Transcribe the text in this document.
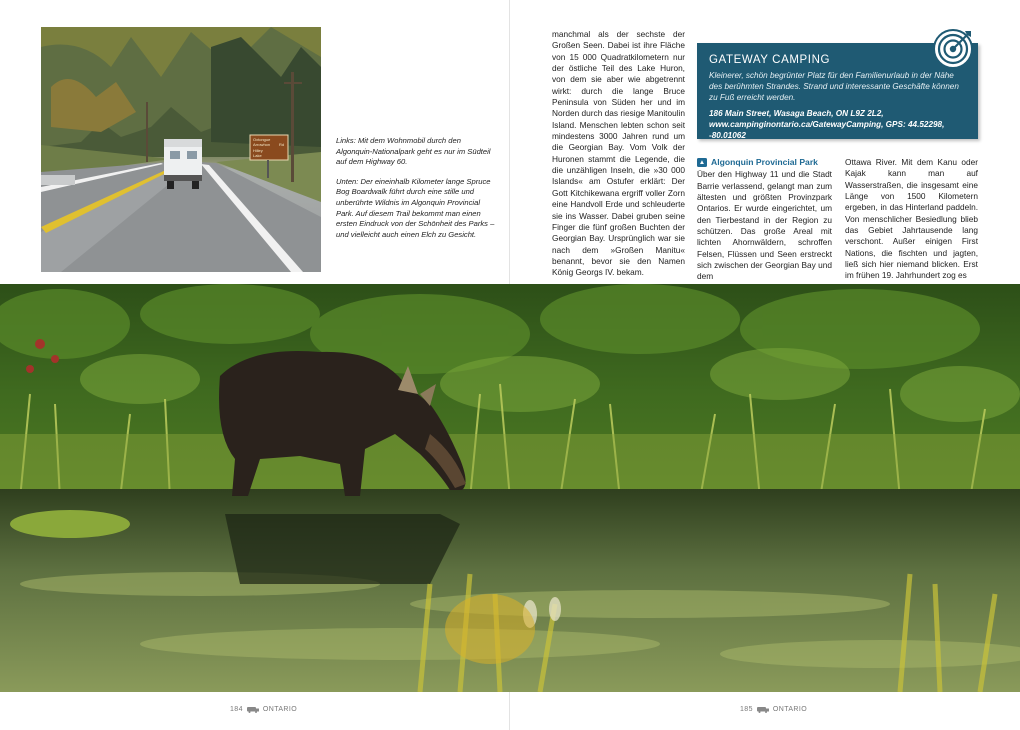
Oxtongue
Arrowhon Rd
Hilley
Lake

Links: Mit dem Wohnmobil durch den Algonquin-Nationalpark geht es nur im Südteil auf dem Highway 60.

Unten: Der eineinhalb Kilometer lange Spruce Bog Boardwalk führt durch eine stille und unberührte Wildnis im Algonquin Provincial Park. Auf diesem Trail bekommt man einen ersten Eindruck von der Schönheit des Parks – und vielleicht auch einen Elch zu Gesicht.

manchmal als der sechste der Großen Seen. Dabei ist ihre Fläche von 15 000 Quadratkilometern nur der östliche Teil des Lake Huron, von dem sie aber wie abgetrennt wirkt: durch die lange Bruce Peninsula von Süden her und im Norden durch das riesige Manitoulin Island. Menschen lebten schon seit mindestens 3000 Jahren rund um die Georgian Bay. Vom Volk der Huronen stammt die Legende, die die unzähligen Inseln, die »30 000 Islands« am Ostufer erklärt: Der Gott Kitchikewana ergriff voller Zorn eine Handvoll Erde und schleuderte sie ins Wasser. Dabei gruben seine Finger die fünf großen Buchten der Georgian Bay. Ursprünglich war sie nach dem »Großen Manitu« benannt, bevor sie den Namen König Georgs IV. bekam.

GATEWAY CAMPING
Kleinerer, schön begrünter Platz für den Familienurlaub in der Nähe des berühmten Strandes. Strand und interessante Geschäfte können zu Fuß erreicht werden.
186 Main Street, Wasaga Beach, ON L9Z 2L2, www.campinginontario.ca/GatewayCamping, GPS: 44.52298, -80.01062
▲ Algonquin Provincial Park

Über den Highway 11 und die Stadt Barrie verlassend, gelangt man zum ältesten und größten Provinzpark Ontarios. Er wurde eingerichtet, um den Tierbestand in der Region zu schützen. Das große Areal mit lichten Ahornwäldern, schroffen Felsen, Flüssen und Seen erstreckt sich zwischen der Georgian Bay und dem

Ottawa River. Mit dem Kanu oder Kajak kann man auf Wasserstraßen, die insgesamt eine Länge von 1500 Kilometern ergeben, in das Hinterland paddeln. Von menschlicher Besiedlung blieb das Gebiet Jahrtausende lang verschont. Außer einigen First Nations, die fischten und jagten, ließ sich hier niemand blicken. Erst im frühen 19. Jahrhundert zog es

184	ONTARIO	185	ONTARIO
